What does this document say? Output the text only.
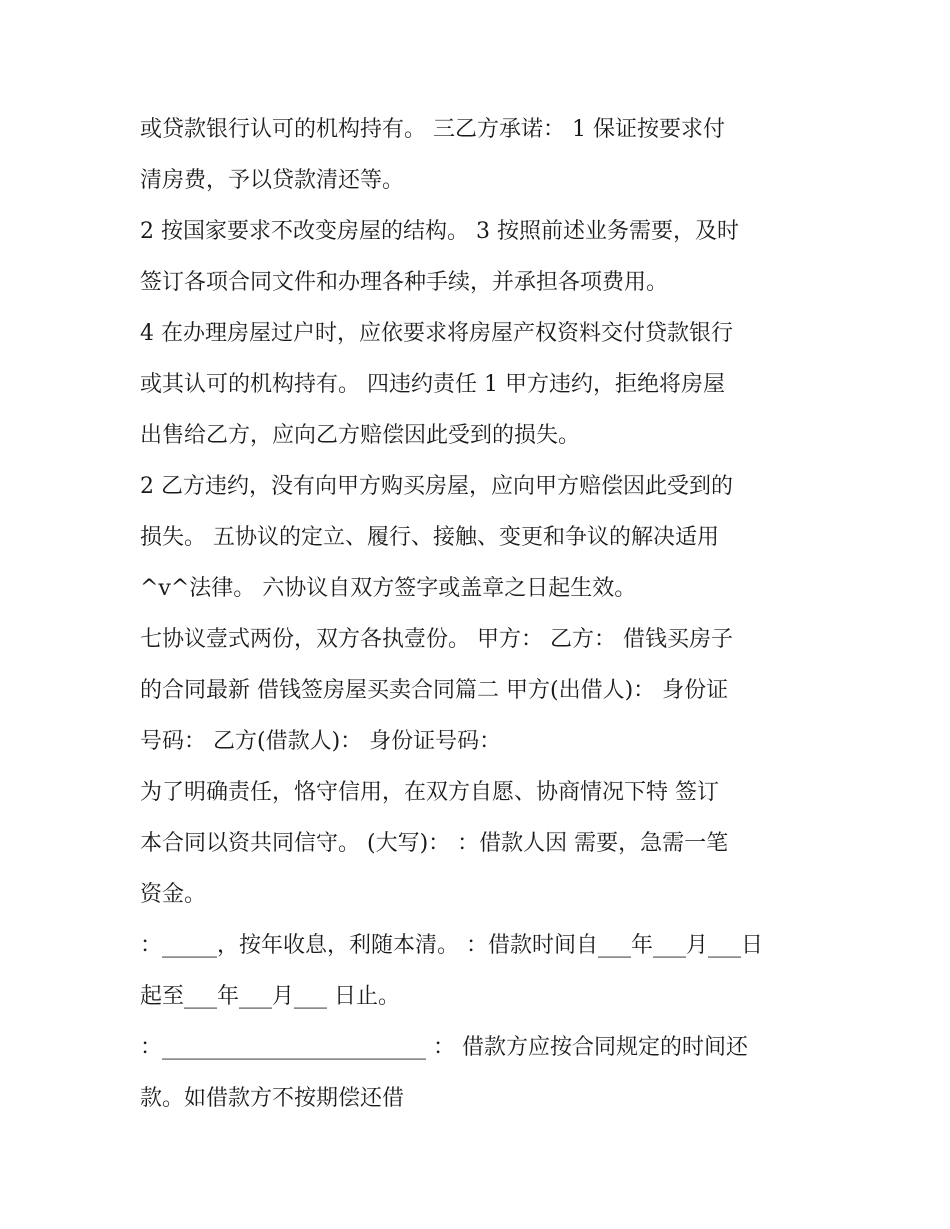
或贷款银行认可的机构持有。 三乙方承诺： 1 保证按要求付
清房费，予以贷款清还等。

2 按国家要求不改变房屋的结构。 3 按照前述业务需要，及时
签订各项合同文件和办理各种手续，并承担各项费用。

4 在办理房屋过户时，应依要求将房屋产权资料交付贷款银行
或其认可的机构持有。 四违约责任 1 甲方违约，拒绝将房屋
出售给乙方，应向乙方赔偿因此受到的损失。

2 乙方违约，没有向甲方购买房屋，应向甲方赔偿因此受到的
损失。 五协议的定立、履行、接触、变更和争议的解决适用
^v^法律。 六协议自双方签字或盖章之日起生效。

七协议壹式两份，双方各执壹份。 甲方： 乙方： 借钱买房子
的合同最新 借钱签房屋买卖合同篇二 甲方(出借人)： 身份证
号码： 乙方(借款人)： 身份证号码：

为了明确责任，恪守信用，在双方自愿、协商情况下特 签订
本合同以资共同信守。 (大写)： ：借款人因 需要，急需一笔
资金。

：_____，按年收息，利随本清。 ：借款时间自___年___月___日
起至___年___月___ 日止。

：________________________ ： 借款方应按合同规定的时间还
款。如借款方不按期偿还借
